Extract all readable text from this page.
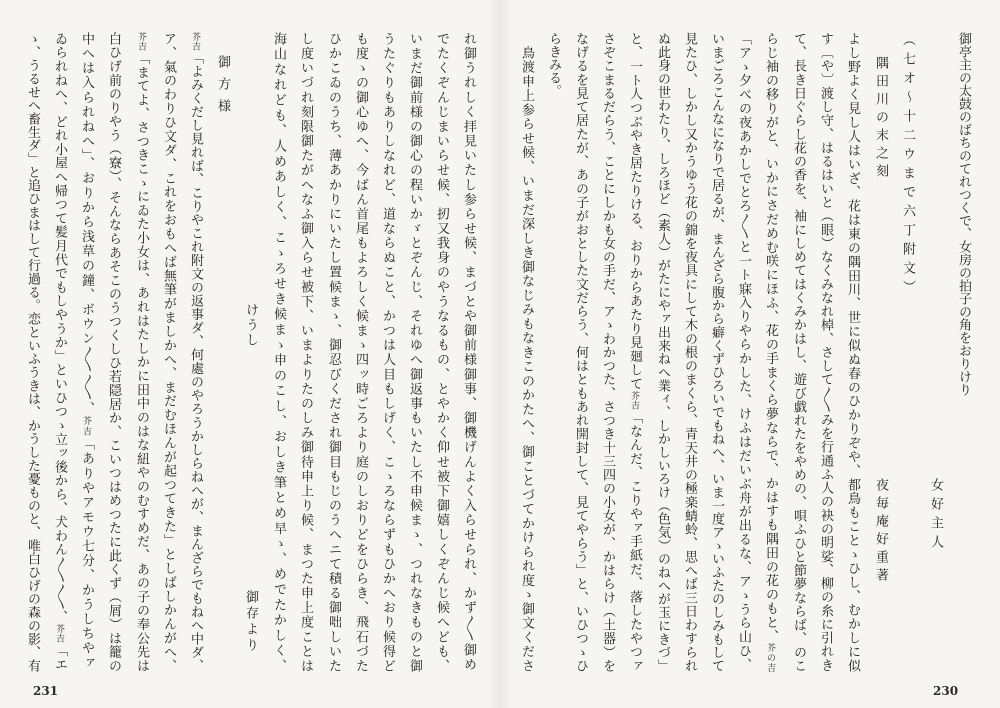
御亭主の太鼓のばちのてれつくで、女房の拍子の角をおりけり
女好主人
（七オ〜十二ウまで六丁附文）
隅田川の末之刻
夜毎庵好重著
よし野よく見し人はいざ、花は東の隅田川、世に似ぬ春のひかりぞや、都鳥もことゝひし、むかしに似
す〔や〕渡し守、はるはいと（眼）なくみなれ棹、さして〳〵みを行通ふ人の袂の明娑、柳の糸に引れき
て、長き日ぐらし花の香を、袖にしめてはくみかはし、遊び戯れたをやめの、唄ふひと節夢ならば、のこ
らじ袖の移りがと、いかにさだめむ咲にほふ、花の手まくら夢ならで、かはすも隅田の花のもと、芥の吉
「アゝ夕べの夜あかしでとろ〳〵と一ト寐入りやらかした、けふはだいぶ舟が出るな、アゝうら山ひ、
いまごろこんなになりで居るが、まんざら腹から癖くずひろいでもねへ、いま一度アゝいふたのしみもして
見たひ、しかし又かうゆう花の錦を夜具にして木の根のまくら、青天井の極楽蜻蛉、思へば三日わすられ
ぬ此身の世わたり、しろほど（素人）がたにやァ出来ねへ業ィ、しかしいろけ（色気）のねへが玉にきづ」
と、一ト人つぶやき居たりける、おりからあたり見廻して芥吉「なんだ、こりやァ手紙だ、落したやつァ
さぞこまるだらう、ことにしかも女の手だ、アゝわかつた、さつき十三四の小女が、かはらけ（土器）を
なげるを見て居たが、あの子がおとした文だらう、何はともあれ開封して、見てやらう」と、いひつゝひ
らきみる。
鳥渡申上参らせ候、いまだ深しき御なじみもなきこのかたへ、御ことづてかけられ度ゝ御文くださ
230
れ御うれしく拝見いたし参らせ候、まづとや御前様御事、御機げんよく入らせられ、かず〳〵御め
でたくぞんじまいらせ候、扨又我身のやうなるもの、とやかく仰せ被下御嬉しくぞんじ候へども、
いまだ御前様の御心の程いかゞとぞんじ、それゆへ御返事もいたし不申候まゝ、つれなきものと御
うたぐりもありしなれど、道ならぬこと、かつは人目もしげく、こゝろならずもひかへおり候得ど
も度ゝの御心ゆへ、今ばん首尾もよろしく候まゝ四ッ時ごろより庭のしおりどをひらき、飛石づた
ひかこゐのうち、薄あかりにいたし置候まゝ、御忍びくだされ御目もじのうへニて積る御咄しいた
し度いづれ刻限御たがへなふ御入らせ被下、いまよりたのしみ御待申上り候、まつた申上度ことは
海山なれども、人めあしく、こゝろせき候まゝ申のこし、おしき筆とめ早ゝ、めでたかしく、
けうし
御存より
御方様
芥吉「よみくだし見れば、こりやこれ附文の返事ダ、何處のやろうかしらねへが、まんざらでもねへ中ダ、
ア、氣のわりひ文ダ、これをおもへば無筆がましかへ、まだむほんが起つてきた」としばしかんがへ、
芥吉「まてよ、さつきこゝにゐた小女は、あれはたしかに田中のはな紐やのむすめだ、あの子の奉公先は
白ひげ前のりやう（寮）、そんならあそこのうつくしひ若隠居か、こいつはめつたに此くず（屑）は籠の
中へは入られねへ」、おりから浅草の鐘、ボウン〳〵〳〵、芥吉「ありやアモウ七分、かうしちやァ
ゐられねへ、どれ小屋へ帰つて髪月代でもしやうか」といひつゝ立ッ後から、犬わん〳〵〳〵、芥吉「エ
ゝ、うるせへ畜生ダ」と追ひまはして行過る。恋といふうきは、かうした憂ものと、唯白ひげの森の影、有
231
